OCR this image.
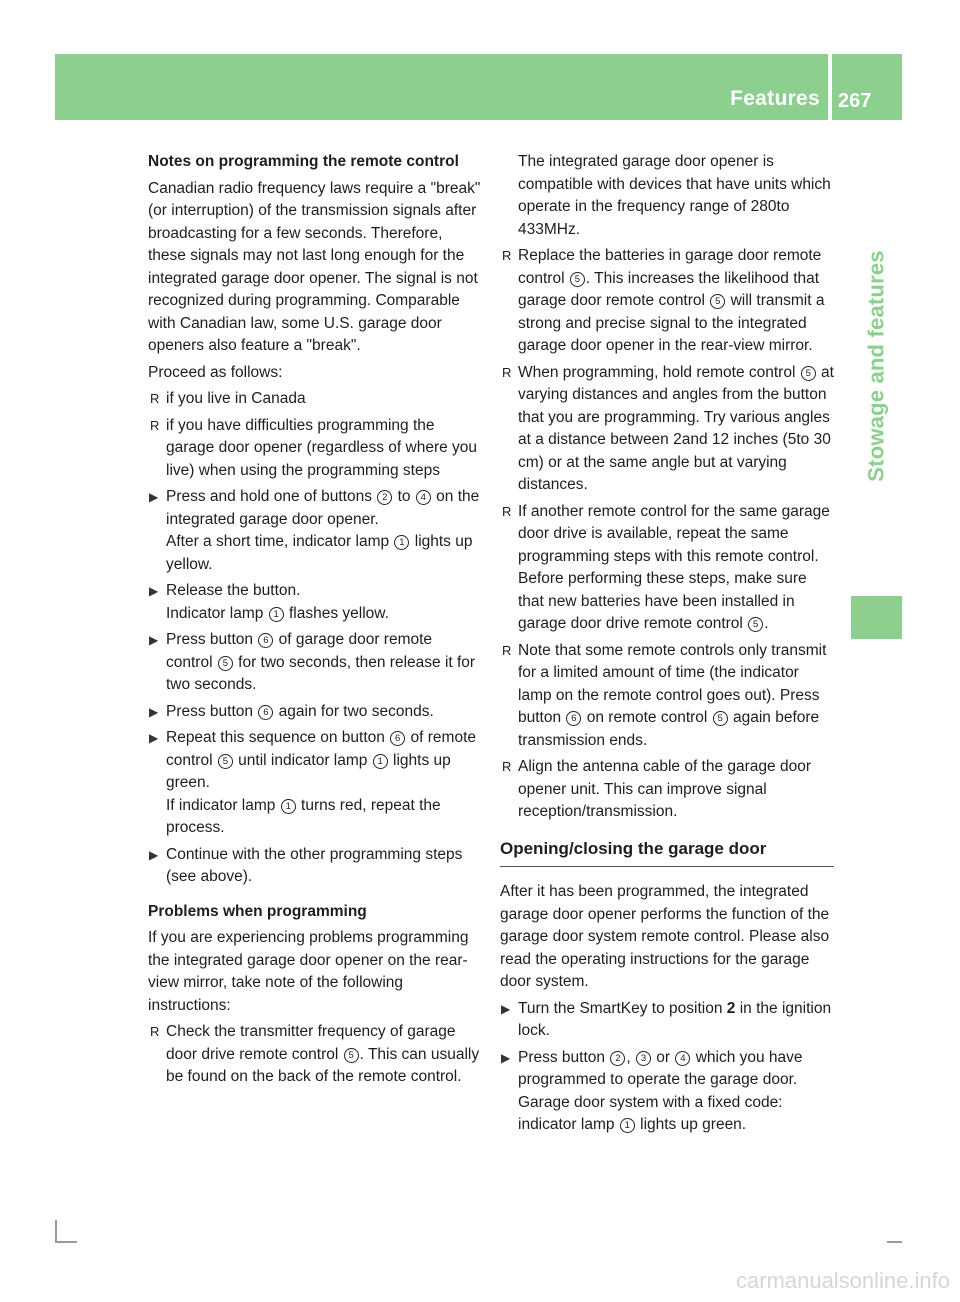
Features 267
Stowage and features

Notes on programming the remote control

Canadian radio frequency laws require a "break" (or interruption) of the transmission signals after broadcasting for a few seconds. Therefore, these signals may not last long enough for the integrated garage door opener. The signal is not recognized during programming. Comparable with Canadian law, some U.S. garage door openers also feature a "break".

Proceed as follows:

R if you live in Canada
R if you have difficulties programming the garage door opener (regardless of where you live) when using the programming steps
▶ Press and hold one of buttons 2 to 4 on the integrated garage door opener.
After a short time, indicator lamp 1 lights up yellow.
▶ Release the button.
Indicator lamp 1 flashes yellow.
▶ Press button 6 of garage door remote control 5 for two seconds, then release it for two seconds.
▶ Press button 6 again for two seconds.
▶ Repeat this sequence on button 6 of remote control 5 until indicator lamp 1 lights up green.
If indicator lamp 1 turns red, repeat the process.
▶ Continue with the other programming steps (see above).

Problems when programming

If you are experiencing problems programming the integrated garage door opener on the rear-view mirror, take note of the following instructions:

R Check the transmitter frequency of garage door drive remote control 5 . This can usually be found on the back of the remote control.
The integrated garage door opener is compatible with devices that have units which operate in the frequency range of 280to 433MHz.
R Replace the batteries in garage door remote control 5 . This increases the likelihood that garage door remote control 5 will transmit a strong and precise signal to the integrated garage door opener in the rear-view mirror.
R When programming, hold remote control 5 at varying distances and angles from the button that you are programming. Try various angles at a distance between 2and 12 inches (5to 30 cm) or at the same angle but at varying distances.
R If another remote control for the same garage door drive is available, repeat the same programming steps with this remote control. Before performing these steps, make sure that new batteries have been installed in garage door drive remote control 5 .
R Note that some remote controls only transmit for a limited amount of time (the indicator lamp on the remote control goes out). Press button 6 on remote control 5 again before transmission ends.
R Align the antenna cable of the garage door opener unit. This can improve signal reception/transmission.
Opening/closing the garage door

After it has been programmed, the integrated garage door opener performs the function of the garage door system remote control. Please also read the operating instructions for the garage door system.

▶ Turn the SmartKey to position 2 in the ignition lock.
▶ Press button 2 , 3 or 4 which you have programmed to operate the garage door.
Garage door system with a fixed code: indicator lamp 1 lights up green.
carmanualsonline.info
